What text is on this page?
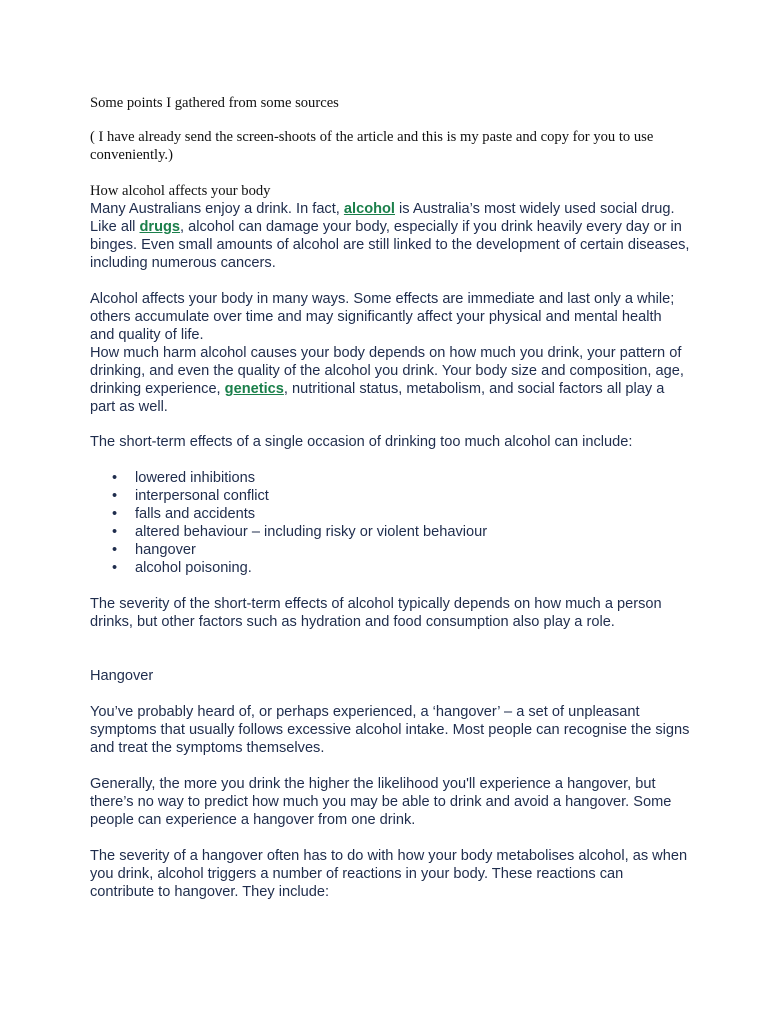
Some points I gathered from some sources

( I have already send the screen-shoots of the article and this is my paste and copy for you to use conveniently.)

How alcohol affects your body

Many Australians enjoy a drink. In fact, alcohol is Australia’s most widely used social drug. Like all drugs, alcohol can damage your body, especially if you drink heavily every day or in binges. Even small amounts of alcohol are still linked to the development of certain diseases, including numerous cancers.

Alcohol affects your body in many ways. Some effects are immediate and last only a while; others accumulate over time and may significantly affect your physical and mental health and quality of life.

How much harm alcohol causes your body depends on how much you drink, your pattern of drinking, and even the quality of the alcohol you drink. Your body size and composition, age, drinking experience, genetics, nutritional status, metabolism, and social factors all play a part as well.

The short-term effects of a single occasion of drinking too much alcohol can include:

• lowered inhibitions
• interpersonal conflict
• falls and accidents
• altered behaviour – including risky or violent behaviour
• hangover
• alcohol poisoning.

The severity of the short-term effects of alcohol typically depends on how much a person drinks, but other factors such as hydration and food consumption also play a role.

Hangover

You’ve probably heard of, or perhaps experienced, a ‘hangover’ – a set of unpleasant symptoms that usually follows excessive alcohol intake. Most people can recognise the signs and treat the symptoms themselves.

Generally, the more you drink the higher the likelihood you'll experience a hangover, but there’s no way to predict how much you may be able to drink and avoid a hangover. Some people can experience a hangover from one drink.

The severity of a hangover often has to do with how your body metabolises alcohol, as when you drink, alcohol triggers a number of reactions in your body. These reactions can contribute to hangover. They include:
